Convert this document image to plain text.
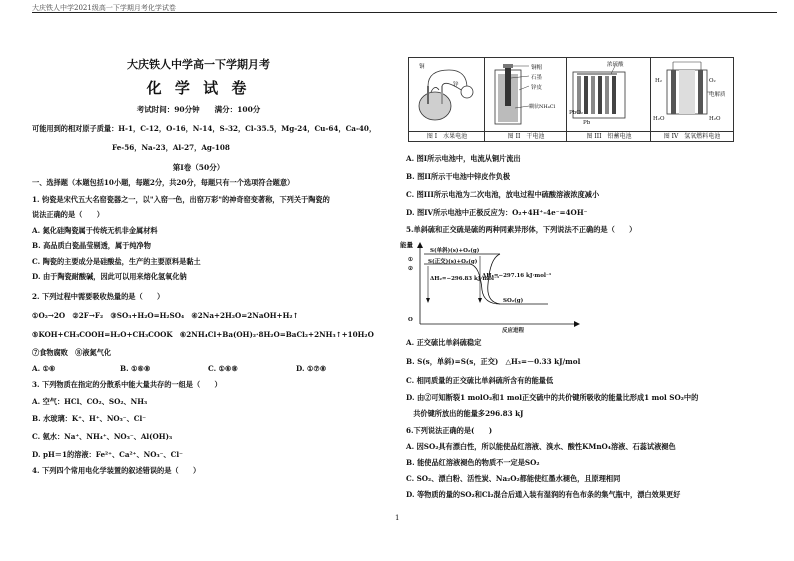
大庆铁人中学2021级高一下学期月考化学试卷
大庆铁人中学高一下学期月考
化 学 试 卷
考试时间：90分钟　　满分：100分
可能用到的相对原子质量：H-1，C-12，O-16，N-14，S-32，Cl-35.5，Mg-24，Cu-64，Ca-40，
Fe-56，Na-23，Al-27，Ag-108
第I卷（50分）
一、选择题（本题包括10小题，每题2分，共20分，每题只有一个选项符合题意）
1. 钧瓷是宋代五大名窑瓷器之一，以"入窑一色，出窑万彩"的神奇窑变著称，下列关于陶瓷的
说法正确的是（　　）
A. 氮化硅陶瓷属于传统无机非金属材料
B. 高品质白瓷晶莹剔透，属于纯净物
C. 陶瓷的主要成分是硅酸盐，生产的主要原料是黏土
D. 由于陶瓷耐酸碱，因此可以用来熔化氢氧化钠
2. 下列过程中需要吸收热量的是（　　）
①O₂→2O　②2F→F₂　③SO₃+H₂O=H₂SO₄　④2Na+2H₂O=2NaOH+H₂↑
⑤KOH+CH₃COOH=H₂O+CH₃COOK　⑥2NH₄Cl+Ba(OH)₂·8H₂O=BaCl₂+2NH₃↑+10H₂O
⑦食物腐败　⑧液氮气化
A. ①⑥	B. ①⑥⑧	C. ①⑥⑧	D. ①⑦⑧
3. 下列物质在指定的分散系中能大量共存的一组是（　　）
A. 空气：HCl、CO₂、SO₂、NH₃
B. 水玻璃：K⁺、H⁺、NO₃⁻、Cl⁻
C. 氨水：Na⁺、NH₄⁺、NO₃⁻、Al(OH)₃
D. pH＝1的溶液：Fe²⁺、Ca²⁺、NO₃⁻、Cl⁻
4. 下列四个常用电化学装置的叙述错误的是（　　）
铜
锌
图 I　水果电池
铜帽
石墨
锌皮
糊状NH₄Cl
图 II　干电池
浓硫酸
PbO₂
Pb
图 III　铅蓄电池
H₂	O₂
电解质
H₂O	H₂O
图 IV　氢氧燃料电池
A. 图I所示电池中，电流从铜片流出
B. 图II所示干电池中锌皮作负极
C. 图III所示电池为二次电池，放电过程中硫酸溶液浓度减小
D. 图IV所示电池中正极反应为：O₂+4H⁺-4e⁻=4OH⁻
5.单斜硫和正交硫是硫的两种同素异形体，下列说法不正确的是（　　）
能量
①
②
S(单斜)(s)+O₂(g)
S(正交)(s)+O₂(g)
SO₂(g)
ΔH₁=−297.16 kJ·mol⁻¹
ΔH₂=−296.83 kJ·mol⁻¹
O
反应进程
A. 正交硫比单斜硫稳定
B. S(s，单斜)=S(s，正交)　△H₃=－0.33 kJ/mol
C. 相同质量的正交硫比单斜硫所含有的能量低
D. 由②可知断裂1 molO₂和1 mol正交硫中的共价键所吸收的能量比形成1 mol SO₂中的
　共价键所放出的能量多296.83 kJ
6.下列说法正确的是(　　)
A. 因SO₂具有漂白性，所以能使品红溶液、溴水、酸性KMnO₄溶液、石蕊试液褪色
B. 能使品红溶液褪色的物质不一定是SO₂
C. SO₂、漂白粉、活性炭、Na₂O₂都能使红墨水褪色，且原理相同
D. 等物质的量的SO₂和Cl₂混合后通入装有湿润的有色布条的集气瓶中，漂白效果更好
1
